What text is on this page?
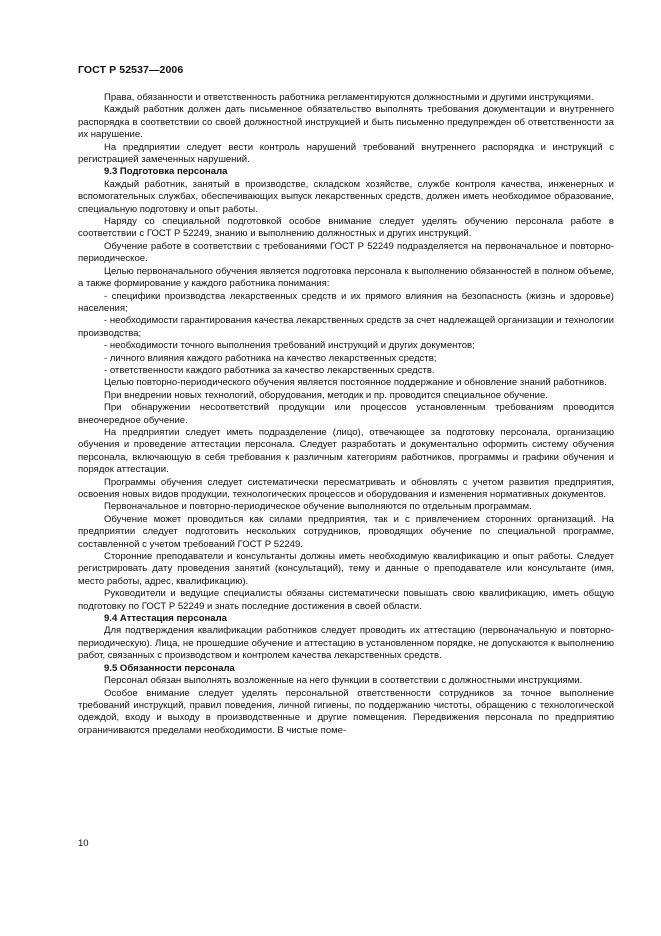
ГОСТ Р 52537—2006

Права, обязанности и ответственность работника регламентируются должностными и другими инструкциями.

Каждый работник должен дать письменное обязательство выполнять требования документации и внутреннего распорядка в соответствии со своей должностной инструкцией и быть письменно предупрежден об ответственности за их нарушение.

На предприятии следует вести контроль нарушений требований внутреннего распорядка и инструкций с регистрацией замеченных нарушений.

9.3 Подготовка персонала

Каждый работник, занятый в производстве, складском хозяйстве, службе контроля качества, инженерных и вспомогательных службах, обеспечивающих выпуск лекарственных средств, должен иметь необходимое образование, специальную подготовку и опыт работы.

Наряду со специальной подготовкой особое внимание следует уделять обучению персонала работе в соответствии с ГОСТ Р 52249, знанию и выполнению должностных и других инструкций.

Обучение работе в соответствии с требованиями ГОСТ Р 52249 подразделяется на первоначальное и повторно-периодическое.

Целью первоначального обучения является подготовка персонала к выполнению обязанностей в полном объеме, а также формирование у каждого работника понимания:

- специфики производства лекарственных средств и их прямого влияния на безопасность (жизнь и здоровье) населения;

- необходимости гарантирования качества лекарственных средств за счет надлежащей организации и технологии производства;

- необходимости точного выполнения требований инструкций и других документов;

- личного влияния каждого работника на качество лекарственных средств;

- ответственности каждого работника за качество лекарственных средств.

Целью повторно-периодического обучения является постоянное поддержание и обновление знаний работников.

При внедрении новых технологий, оборудования, методик и пр. проводится специальное обучение.

При обнаружении несоответствий продукции или процессов установленным требованиям проводится внеочередное обучение.

На предприятии следует иметь подразделение (лицо), отвечающее за подготовку персонала, организацию обучения и проведение аттестации персонала. Следует разработать и документально оформить систему обучения персонала, включающую в себя требования к различным категориям работников, программы и графики обучения и порядок аттестации.

Программы обучения следует систематически пересматривать и обновлять с учетом развития предприятия, освоения новых видов продукции, технологических процессов и оборудования и изменения нормативных документов.

Первоначальное и повторно-периодическое обучение выполняются по отдельным программам.

Обучение может проводиться как силами предприятия, так и с привлечением сторонних организаций. На предприятии следует подготовить нескольких сотрудников, проводящих обучение по специальной программе, составленной с учетом требований ГОСТ Р 52249.

Сторонние преподаватели и консультанты должны иметь необходимую квалификацию и опыт работы. Следует регистрировать дату проведения занятий (консультаций), тему и данные о преподавателе или консультанте (имя, место работы, адрес, квалификацию).

Руководители и ведущие специалисты обязаны систематически повышать свою квалификацию, иметь общую подготовку по ГОСТ Р 52249 и знать последние достижения в своей области.

9.4 Аттестация персонала

Для подтверждения квалификации работников следует проводить их аттестацию (первоначальную и повторно-периодическую). Лица, не прошедшие обучение и аттестацию в установленном порядке, не допускаются к выполнению работ, связанных с производством и контролем качества лекарственных средств.

9.5 Обязанности персонала

Персонал обязан выполнять возложенные на него функции в соответствии с должностными инструкциями.

Особое внимание следует уделять персональной ответственности сотрудников за точное выполнение требований инструкций, правил поведения, личной гигиены, по поддержанию чистоты, обращению с технологической одеждой, входу и выходу в производственные и другие помещения. Передвижения персонала по предприятию ограничиваются пределами необходимости. В чистые поме-

10
